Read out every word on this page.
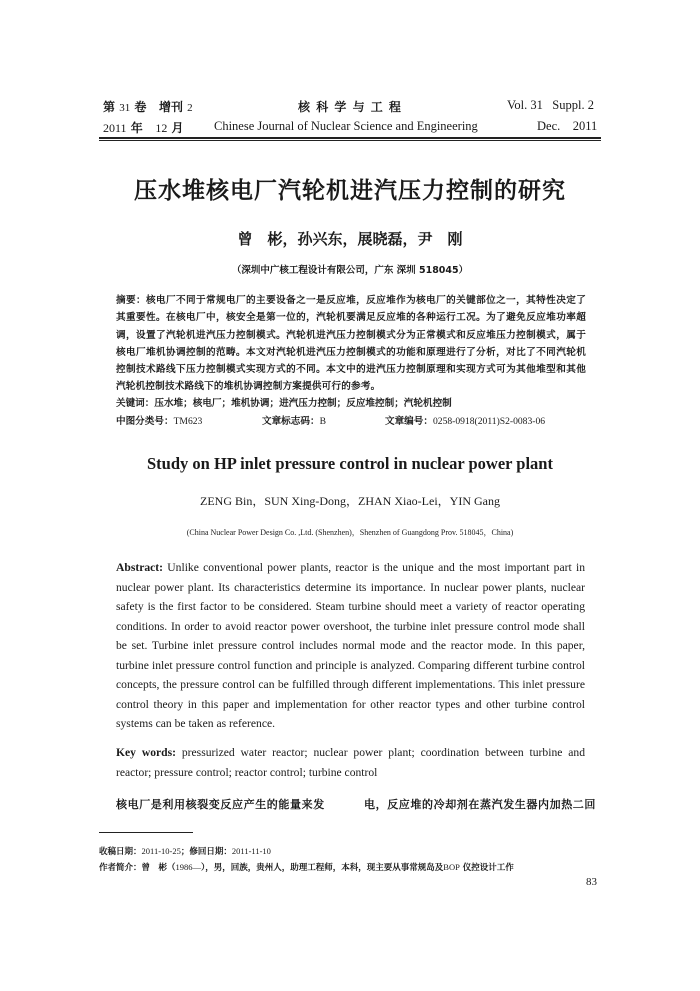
第 31 卷 增刊 2
2011 年 12 月
核 科 学 与 工 程
Chinese Journal of Nuclear Science and Engineering
Vol. 31   Suppl. 2
Dec.    2011
压水堆核电厂汽轮机进汽压力控制的研究
曾　彬，孙兴东，展晓磊，尹　刚
（深圳中广核工程设计有限公司，广东 深圳 518045）
摘要：核电厂不同于常规电厂的主要设备之一是反应堆，反应堆作为核电厂的关键部位之一，其特性决定了其重要性。在核电厂中，核安全是第一位的，汽轮机要满足反应堆的各种运行工况。为了避免反应堆功率超调，设置了汽轮机进汽压力控制模式。汽轮机进汽压力控制模式分为正常模式和反应堆压力控制模式，属于核电厂堆机协调控制的范畴。本文对汽轮机进汽压力控制模式的功能和原理进行了分析，对比了不同汽轮机控制技术路线下压力控制模式实现方式的不同。本文中的进汽压力控制原理和实现方式可为其他堆型和其他汽轮机控制技术路线下的堆机协调控制方案提供可行的参考。
关键词：压水堆；核电厂；堆机协调；进汽压力控制；反应堆控制；汽轮机控制
中图分类号：TM623	文章标志码：B	文章编号：0258-0918(2011)S2-0083-06
Study on HP inlet pressure control in nuclear power plant
ZENG Bin，SUN Xing-Dong，ZHAN Xiao-Lei，YIN Gang
(China Nuclear Power Design Co. ,Ltd. (Shenzhen)，Shenzhen of Guangdong Prov. 518045，China)
Abstract: Unlike conventional power plants, reactor is the unique and the most important part in nuclear power plant. Its characteristics determine its importance. In nuclear power plants, nuclear safety is the first factor to be considered. Steam turbine should meet a variety of reactor operating conditions. In order to avoid reactor power overshoot, the turbine inlet pressure control mode shall be set. Turbine inlet pressure control includes normal mode and the reactor mode. In this paper, turbine inlet pressure control function and principle is analyzed. Comparing different turbine control concepts, the pressure control can be fulfilled through different implementations. This inlet pressure control theory in this paper and implementation for other reactor types and other turbine control systems can be taken as reference.
Key words: pressurized water reactor; nuclear power plant; coordination between turbine and reactor; pressure control; reactor control; turbine control
核电厂是利用核裂变反应产生的能量来发	电，反应堆的冷却剂在蒸汽发生器内加热二回
收稿日期：2011-10-25；修回日期：2011-11-10
作者简介：曾　彬（1986—），男，回族，贵州人，助理工程师，本科，现主要从事常规岛及BOP 仪控设计工作
83
